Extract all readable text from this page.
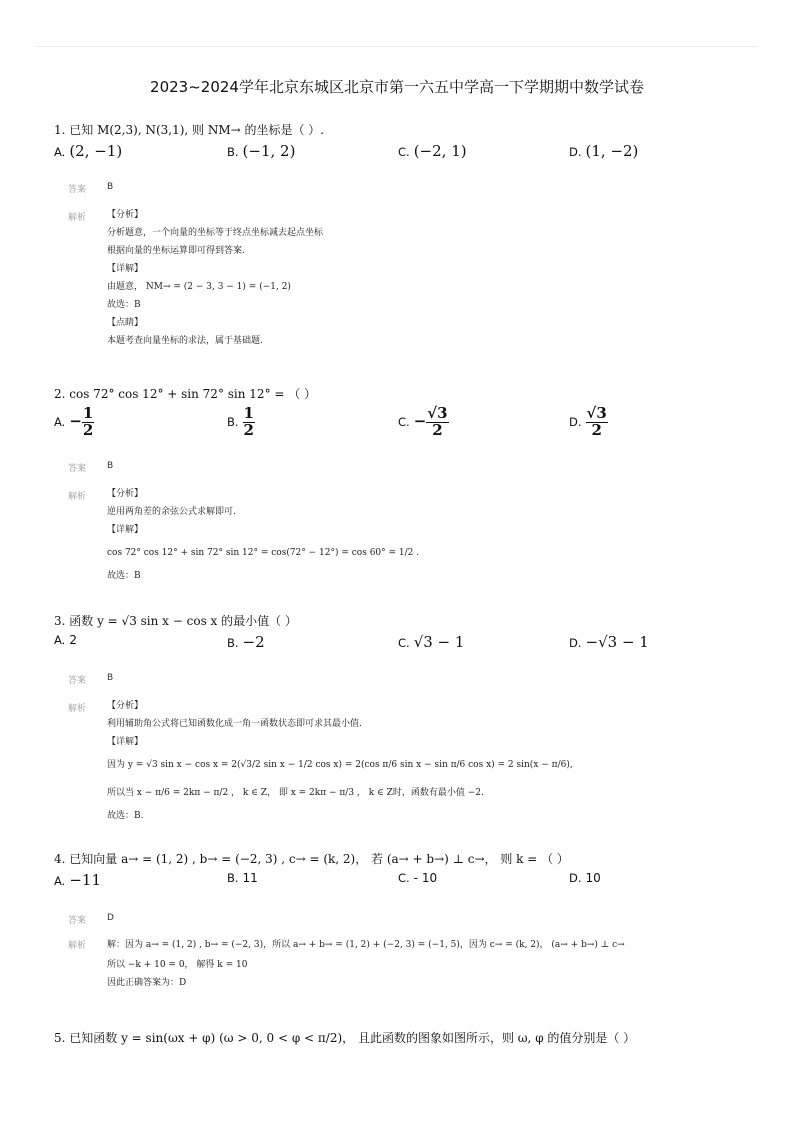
2023~2024学年北京东城区北京市第一六五中学高一下学期期中数学试卷
1. 已知 M(2,3), N(3,1), 则 NM→ 的坐标是（ ）.
A. (2, −1)	B. (−1, 2)	C. (−2, 1)	D. (1, −2)
答案 B
解析 【分析】
分析题意，一个向量的坐标等于终点坐标减去起点坐标
根据向量的坐标运算即可得到答案.
【详解】
由题意， NM→ = (2 − 3, 3 − 1) = (−1, 2)
故选：B
【点睛】
本题考查向量坐标的求法，属于基础题.
2. cos 72° cos 12° + sin 72° sin 12° = （ ）
A. − $\frac{1}{2}$	B. $\frac{1}{2}$	C. − $\frac{√3}{2}$	D. $\frac{√3}{2}$
答案 B
解析 【分析】
逆用两角差的余弦公式求解即可.
【详解】
cos 72° cos 12° + sin 72° sin 12° = cos(72° − 12°) = cos 60° = 1/2 .
故选：B
3. 函数 y = √3 sin x − cos x 的最小值（ ）
A. 2	B. −2	C. √3 − 1	D. −√3 − 1
答案 B
解析 【分析】
利用辅助角公式将已知函数化成一角一函数状态即可求其最小值.
【详解】
因为 y = √3 sin x − cos x = 2(√3/2 sin x − 1/2 cos x) = 2(cos π/6 sin x − sin π/6 cos x) = 2 sin(x − π/6),
所以当 x − π/6 = 2kπ − π/2 ， k ∈ Z， 即 x = 2kπ − π/3 ， k ∈ Z时，函数有最小值 −2.
故选：B.
4. 已知向量 a→ = (1, 2) , b→ = (−2, 3) , c→ = (k, 2)， 若 (a→ + b→) ⊥ c→， 则 k = （ ）
A. −11	B. 11	C. - 10	D. 10
答案 D
解析 解：因为 a→ = (1, 2) , b→ = (−2, 3)，所以 a→ + b→ = (1, 2) + (−2, 3) = (−1, 5)，因为 c→ = (k, 2)， (a→ + b→) ⊥ c→
所以 −k + 10 = 0， 解得 k = 10
因此正确答案为：D
5. 已知函数 y = sin(ωx + φ) (ω > 0, 0 < φ < π/2)， 且此函数的图象如图所示，则 ω, φ 的值分别是（ ）
